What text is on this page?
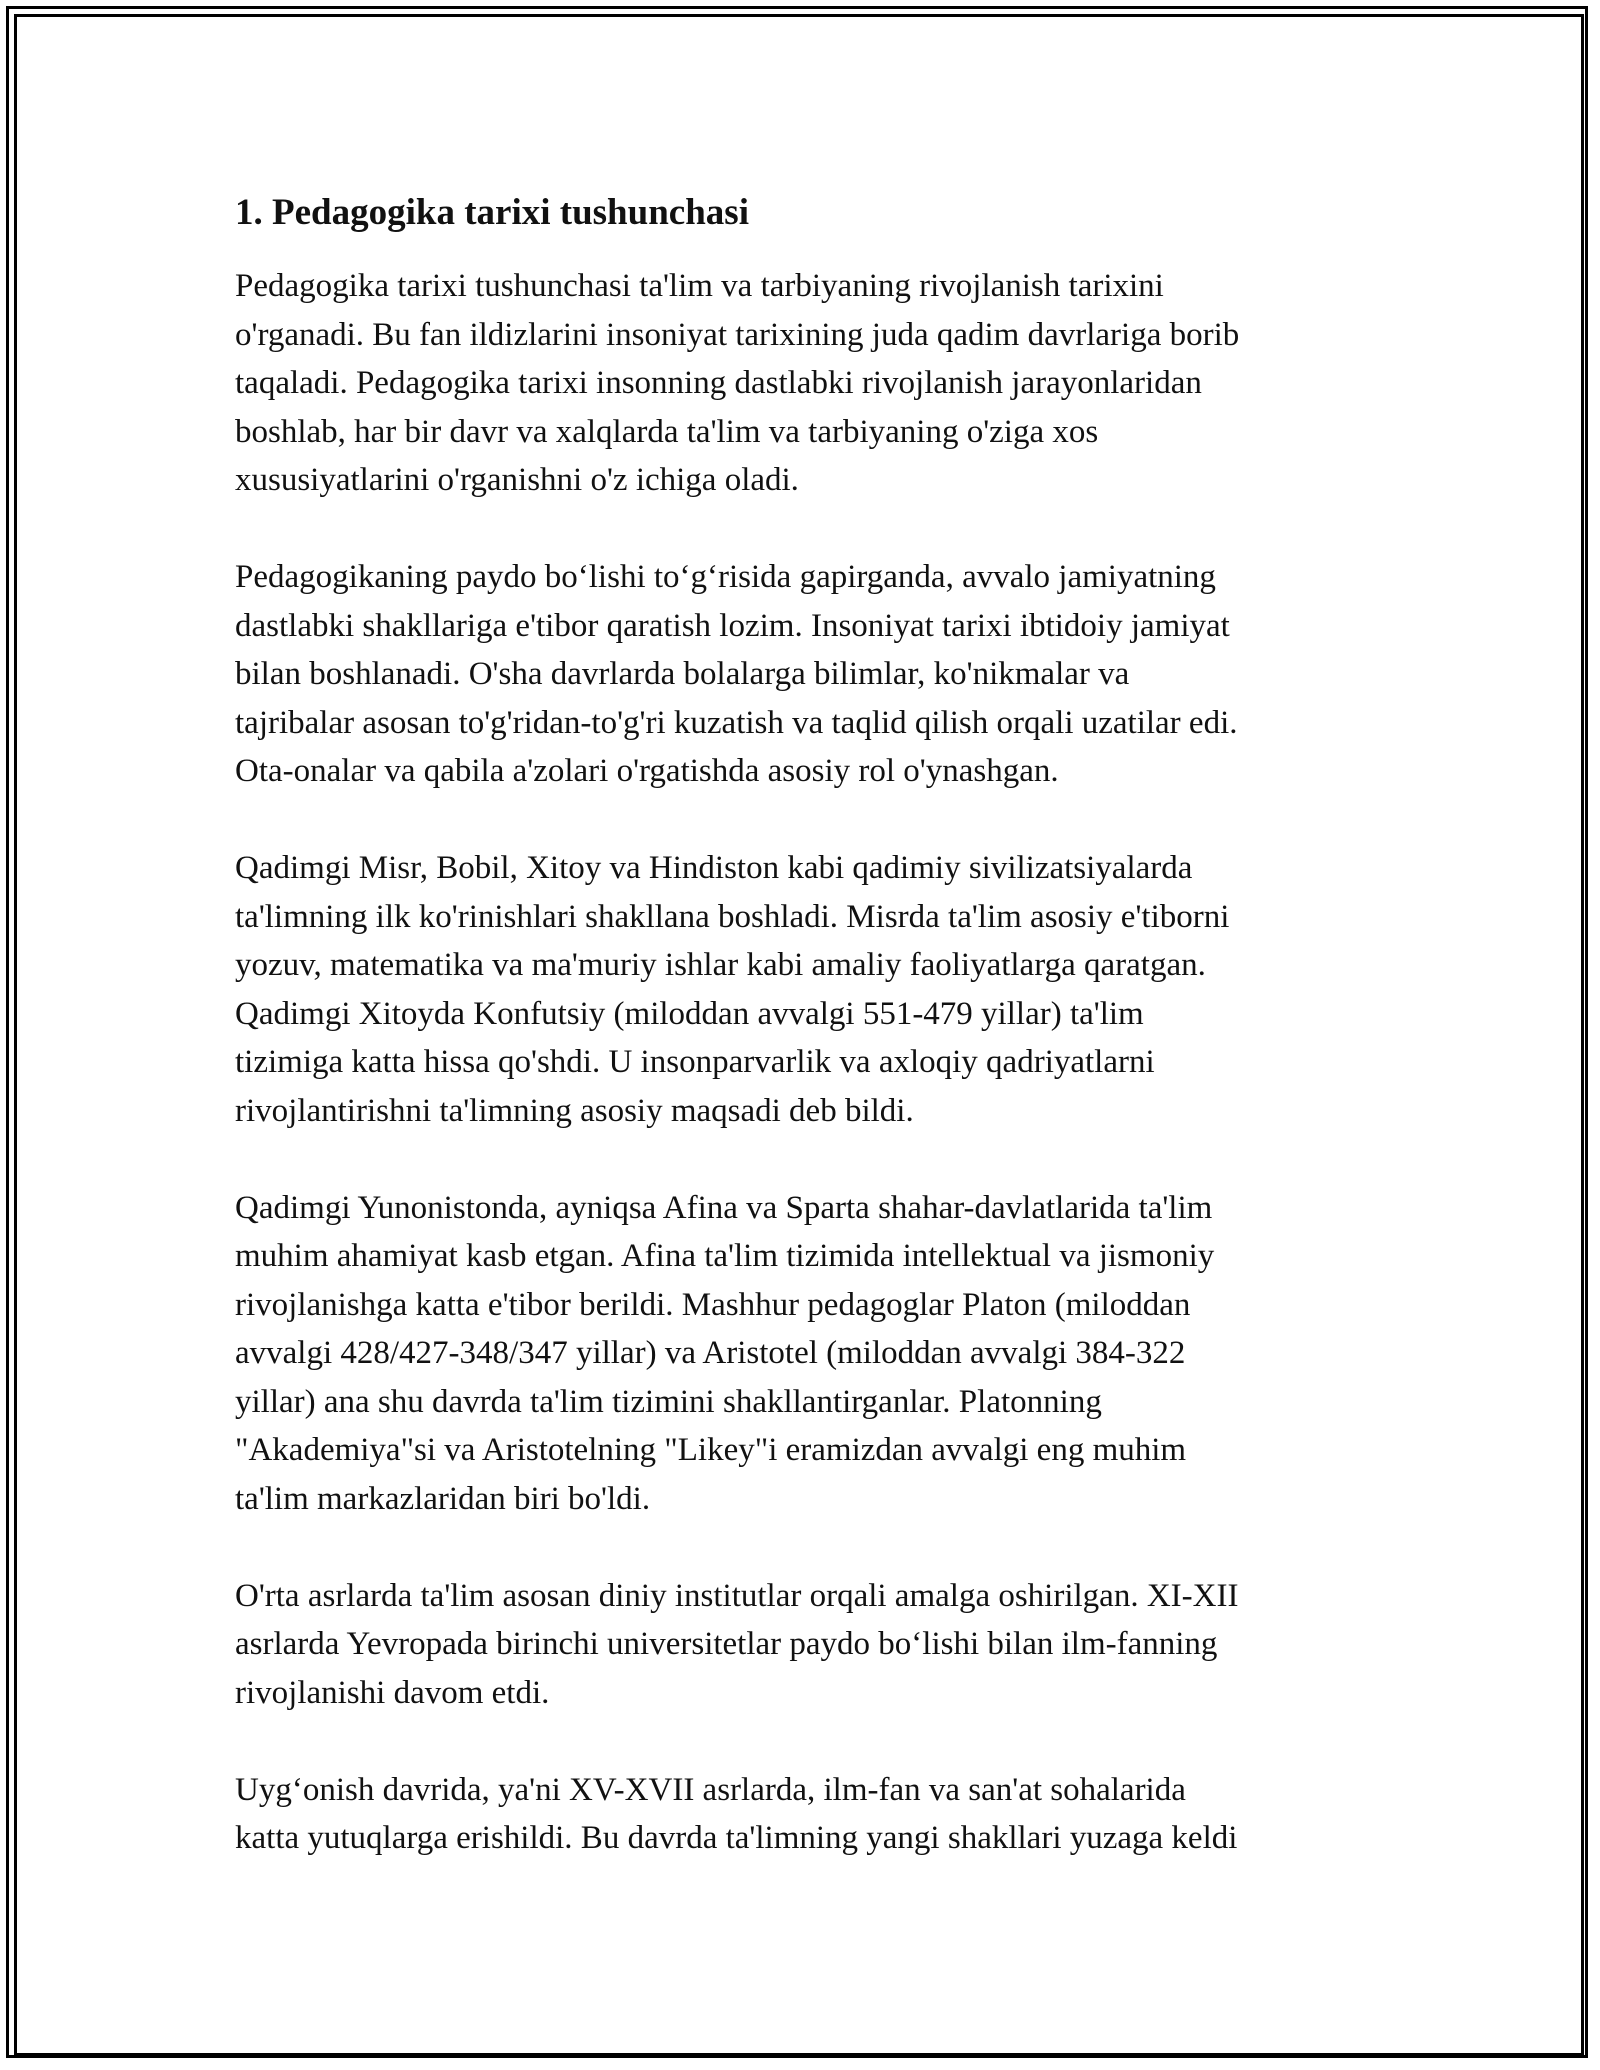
1. Pedagogika tarixi tushunchasi
Pedagogika tarixi tushunchasi ta'lim va tarbiyaning rivojlanish tarixini
o'rganadi. Bu fan ildizlarini insoniyat tarixining juda qadim davrlariga borib
taqaladi. Pedagogika tarixi insonning dastlabki rivojlanish jarayonlaridan
boshlab, har bir davr va xalqlarda ta'lim va tarbiyaning o'ziga xos
xususiyatlarini o'rganishni o'z ichiga oladi.
Pedagogikaning paydo bo‘lishi to‘g‘risida gapirganda, avvalo jamiyatning
dastlabki shakllariga e'tibor qaratish lozim. Insoniyat tarixi ibtidoiy jamiyat
bilan boshlanadi. O'sha davrlarda bolalarga bilimlar, ko'nikmalar va
tajribalar asosan to'g'ridan-to'g'ri kuzatish va taqlid qilish orqali uzatilar edi.
Ota-onalar va qabila a'zolari o'rgatishda asosiy rol o'ynashgan.
Qadimgi Misr, Bobil, Xitoy va Hindiston kabi qadimiy sivilizatsiyalarda
ta'limning ilk ko'rinishlari shakllana boshladi. Misrda ta'lim asosiy e'tiborni
yozuv, matematika va ma'muriy ishlar kabi amaliy faoliyatlarga qaratgan.
Qadimgi Xitoyda Konfutsiy (miloddan avvalgi 551-479 yillar) ta'lim
tizimiga katta hissa qo'shdi. U insonparvarlik va axloqiy qadriyatlarni
rivojlantirishni ta'limning asosiy maqsadi deb bildi.
Qadimgi Yunonistonda, ayniqsa Afina va Sparta shahar-davlatlarida ta'lim
muhim ahamiyat kasb etgan. Afina ta'lim tizimida intellektual va jismoniy
rivojlanishga katta e'tibor berildi. Mashhur pedagoglar Platon (miloddan
avvalgi 428/427-348/347 yillar) va Aristotel (miloddan avvalgi 384-322
yillar) ana shu davrda ta'lim tizimini shakllantirganlar. Platonning
"Akademiya"si va Aristotelning "Likey"i eramizdan avvalgi eng muhim
ta'lim markazlaridan biri bo'ldi.
O'rta asrlarda ta'lim asosan diniy institutlar orqali amalga oshirilgan. XI-XII
asrlarda Yevropada birinchi universitetlar paydo bo‘lishi bilan ilm-fanning
rivojlanishi davom etdi.
Uyg‘onish davrida, ya'ni XV-XVII asrlarda, ilm-fan va san'at sohalarida
katta yutuqlarga erishildi. Bu davrda ta'limning yangi shakllari yuzaga keldi
